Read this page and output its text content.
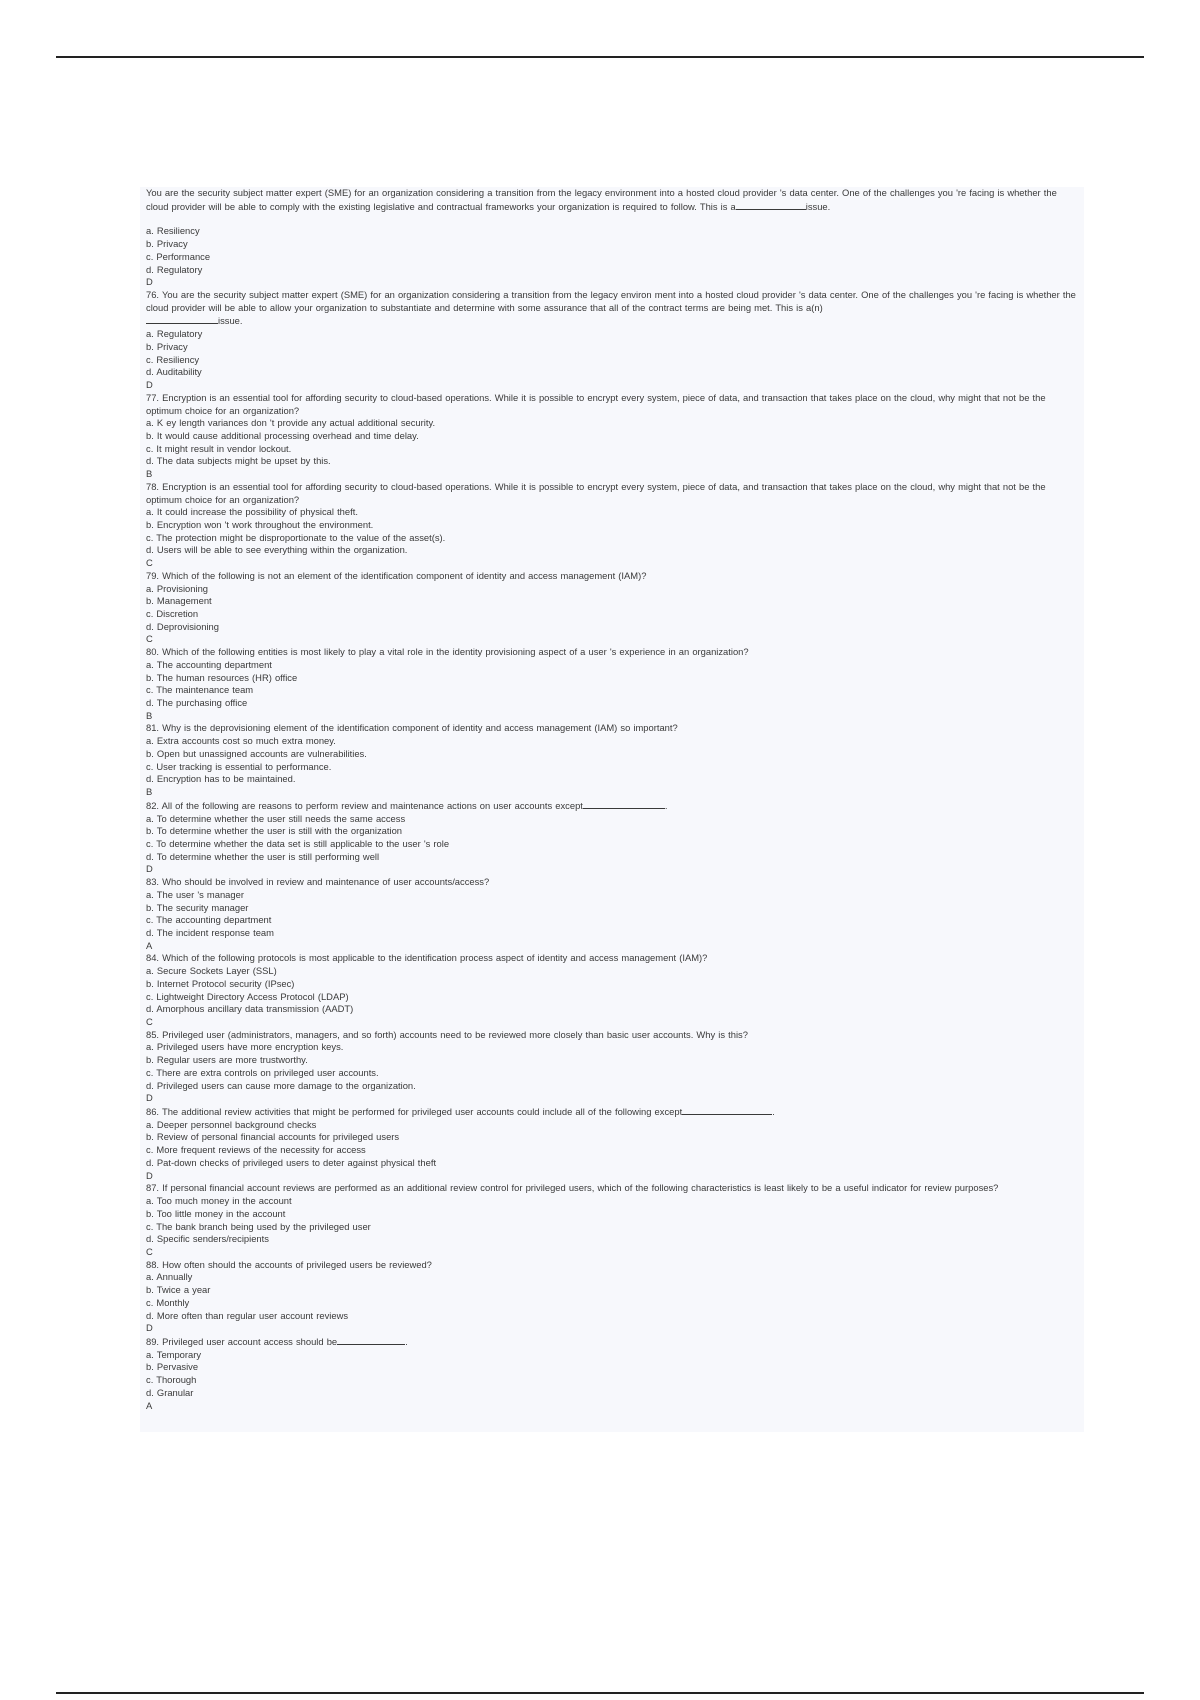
You are the security subject matter expert (SME) for an organization considering a transition from the legacy environment into a hosted cloud provider 's data center. One of the challenges you 're facing is whether the cloud provider will be able to comply with the existing legislative and contractual frameworks your organization is required to follow. This is a	issue.

a. Resiliency

b. Privacy

c. Performance

d. Regulatory

D

76. You are the security subject matter expert (SME) for an organization considering a transition from the legacy environ ment into a hosted cloud provider 's data center. One of the challenges you 're facing is whether the cloud provider will be able to allow your organization to substantiate and determine with some assurance that all of the contract terms are being met. This is a(n)
issue.

a. Regulatory

b. Privacy

c. Resiliency

d. Auditability

D

77. Encryption is an essential tool for affording security to cloud-based operations. While it is possible to encrypt every system, piece of data, and transaction that takes place on the cloud, why might that not be the optimum choice for an organization?

a. K ey length variances don 't provide any actual additional security.

b. It would cause additional processing overhead and time delay.

c. It might result in vendor lockout.

d. The data subjects might be upset by this.

B

78. Encryption is an essential tool for affording security to cloud-based operations. While it is possible to encrypt every system, piece of data, and transaction that takes place on the cloud, why might that not be the optimum choice for an organization?

a. It could increase the possibility of physical theft.

b. Encryption won 't work throughout the environment.

c. The protection might be disproportionate to the value of the asset(s).

d. Users will be able to see everything within the organization.

C

79. Which of the following is not an element of the identification component of identity and access management (IAM)?

a. Provisioning

b. Management

c. Discretion

d. Deprovisioning

C

80. Which of the following entities is most likely to play a vital role in the identity provisioning aspect of a user 's experience in an organization?

a. The accounting department

b. The human resources (HR) office

c. The maintenance team

d. The purchasing office

B

81. Why is the deprovisioning element of the identification component of identity and access management (IAM) so important?

a. Extra accounts cost so much extra money.

b. Open but unassigned accounts are vulnerabilities.

c. User tracking is essential to performance.

d. Encryption has to be maintained.

B

82. All of the following are reasons to perform review and maintenance actions on user accounts except	.

a. To determine whether the user still needs the same access

b. To determine whether the user is still with the organization

c. To determine whether the data set is still applicable to the user 's role

d. To determine whether the user is still performing well

D

83. Who should be involved in review and maintenance of user accounts/access?

a. The user 's manager

b. The security manager

c. The accounting department

d. The incident response team

A

84. Which of the following protocols is most applicable to the identification process aspect of identity and access management (IAM)?

a. Secure Sockets Layer (SSL)

b. Internet Protocol security (IPsec)

c. Lightweight Directory Access Protocol (LDAP)

d. Amorphous ancillary data transmission (AADT)

C

85. Privileged user (administrators, managers, and so forth) accounts need to be reviewed more closely than basic user accounts. Why is this?

a. Privileged users have more encryption keys.

b. Regular users are more trustworthy.

c. There are extra controls on privileged user accounts.

d. Privileged users can cause more damage to the organization.

D

86. The additional review activities that might be performed for privileged user accounts could include all of the following except	.

a. Deeper personnel background checks

b. Review of personal financial accounts for privileged users

c. More frequent reviews of the necessity for access

d. Pat-down checks of privileged users to deter against physical theft

D

87. If personal financial account reviews are performed as an additional review control for privileged users, which of the following characteristics is least likely to be a useful indicator for review purposes?

a. Too much money in the account

b. Too little money in the account

c. The bank branch being used by the privileged user

d. Specific senders/recipients

C

88. How often should the accounts of privileged users be reviewed?

a. Annually

b. Twice a year

c. Monthly

d. More often than regular user account reviews

D

89. Privileged user account access should be	.

a. Temporary

b. Pervasive

c. Thorough

d. Granular

A
